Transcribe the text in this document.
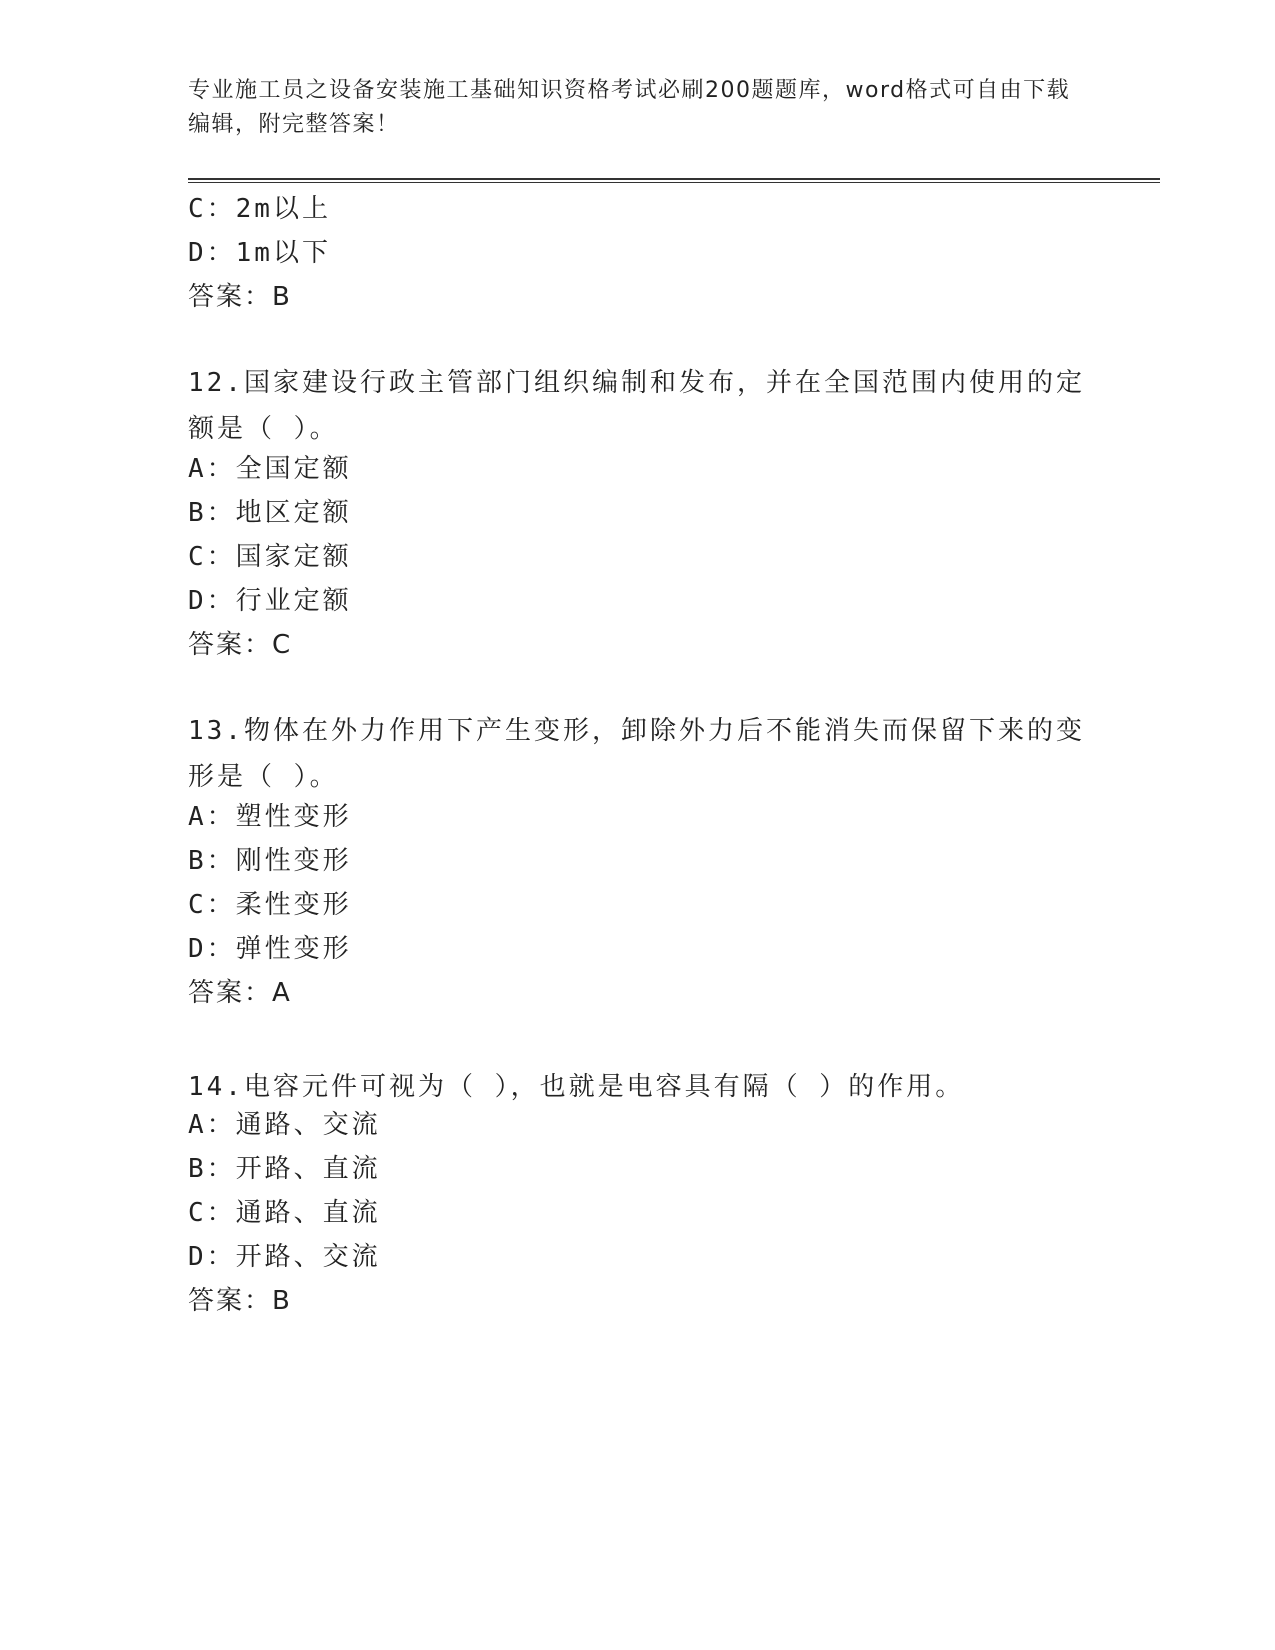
专业施工员之设备安装施工基础知识资格考试必刷200题题库，word格式可自由下载编辑，附完整答案！
C：2m以上
D：1m以下
答案：B
12.国家建设行政主管部门组织编制和发布，并在全国范围内使用的定额是（ ）。
A：全国定额
B：地区定额
C：国家定额
D：行业定额
答案：C
13.物体在外力作用下产生变形，卸除外力后不能消失而保留下来的变形是（ ）。
A：塑性变形
B：刚性变形
C：柔性变形
D：弹性变形
答案：A
14.电容元件可视为（ ），也就是电容具有隔（ ）的作用。
A：通路、交流
B：开路、直流
C：通路、直流
D：开路、交流
答案：B
